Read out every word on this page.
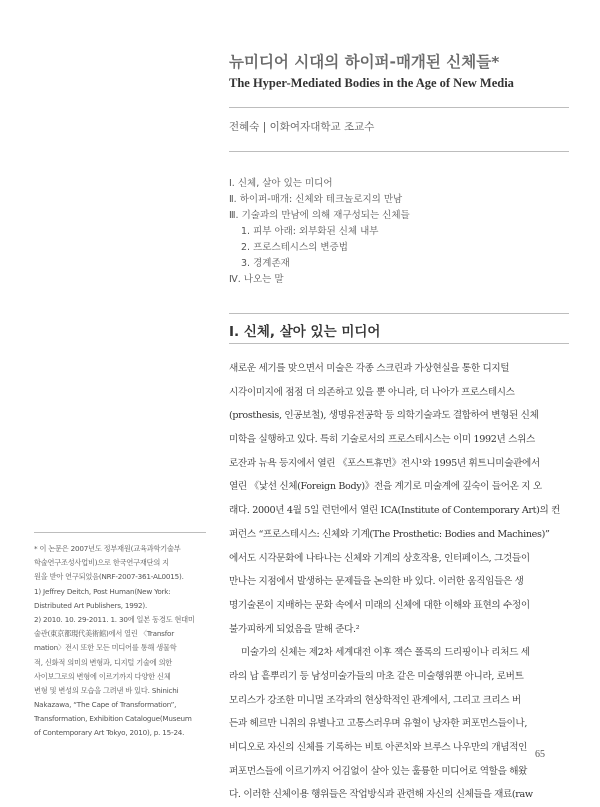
뉴미디어 시대의 하이퍼-매개된 신체들*
The Hyper-Mediated Bodies in the Age of New Media
전혜숙 | 이화여자대학교 조교수
Ⅰ. 신체, 살아 있는 미디어
Ⅱ. 하이퍼-매개: 신체와 테크놀로지의 만남
Ⅲ. 기술과의 만남에 의해 재구성되는 신체들
1. 피부 아래: 외부화된 신체 내부
2. 프로스테시스의 변증법
3. 경계존재
Ⅳ. 나오는 말
Ⅰ. 신체, 살아 있는 미디어
새로운 세기를 맞으면서 미술은 각종 스크린과 가상현실을 통한 디지털
시각이미지에 점점 더 의존하고 있을 뿐 아니라, 더 나아가 프로스테시스
(prosthesis, 인공보철), 생명유전공학 등 의학기술과도 결합하여 변형된 신체
미학을 실행하고 있다. 특히 기술로서의 프로스테시스는 이미 1992년 스위스
로잔과 뉴욕 등지에서 열린 《포스트휴먼》전시¹와 1995년 휘트니미술관에서
열린 《낯선 신체(Foreign Body)》전을 계기로 미술계에 깊숙이 들어온 지 오
래다. 2000년 4월 5일 런던에서 열린 ICA(Institute of Contemporary Art)의 컨
퍼런스 “프로스테시스: 신체와 기계(The Prosthetic: Bodies and Machines)”
에서도 시각문화에 나타나는 신체와 기계의 상호작용, 인터페이스, 그것들이
만나는 지점에서 발생하는 문제들을 논의한 바 있다. 이러한 움직임들은 생
명기술론이 지배하는 문화 속에서 미래의 신체에 대한 이해와 표현의 수정이
불가피하게 되었음을 말해 준다.²
미술가의 신체는 제2차 세계대전 이후 잭슨 폴록의 드리핑이나 리처드 세
라의 납 흩뿌리기 등 남성미술가들의 마초 같은 미술행위뿐 아니라, 로버트
모리스가 강조한 미니멀 조각과의 현상학적인 관계에서, 그리고 크리스 버
든과 헤르만 니취의 유별나고 고통스러우며 유혈이 낭자한 퍼포먼스들이나,
비디오로 자신의 신체를 기록하는 비토 아콘치와 브루스 나우만의 개념적인
퍼포먼스들에 이르기까지 어김없이 살아 있는 훌륭한 미디어로 역할을 해왔
다. 이러한 신체이용 행위들은 작업방식과 관련해 자신의 신체들을 재료(raw
* 이 논문은 2007년도 정부재원(교육과학기술부
학술연구조성사업비)으로 한국연구재단의 지
원을 받아 연구되었음(NRF-2007-361-AL0015).
1) Jeffrey Deitch, Post Human(New York:
Distributed Art Publishers, 1992).
2) 2010. 10. 29-2011. 1. 30에 일본 동경도 현대미
술관(東京都現代美術館)에서 열린 〈Transfor
mation〉전시 또한 모든 미디어를 통해 생물학
적, 신화적 의미의 변형과, 디지털 기술에 의한
사이보그로의 변형에 이르기까지 다양한 신체
변형 및 변성의 모습을 그려낸 바 있다. Shinichi
Nakazawa, “The Cape of Transformation”,
Transformation, Exhibition Catalogue(Museum
of Contemporary Art Tokyo, 2010), p. 15-24.
65
